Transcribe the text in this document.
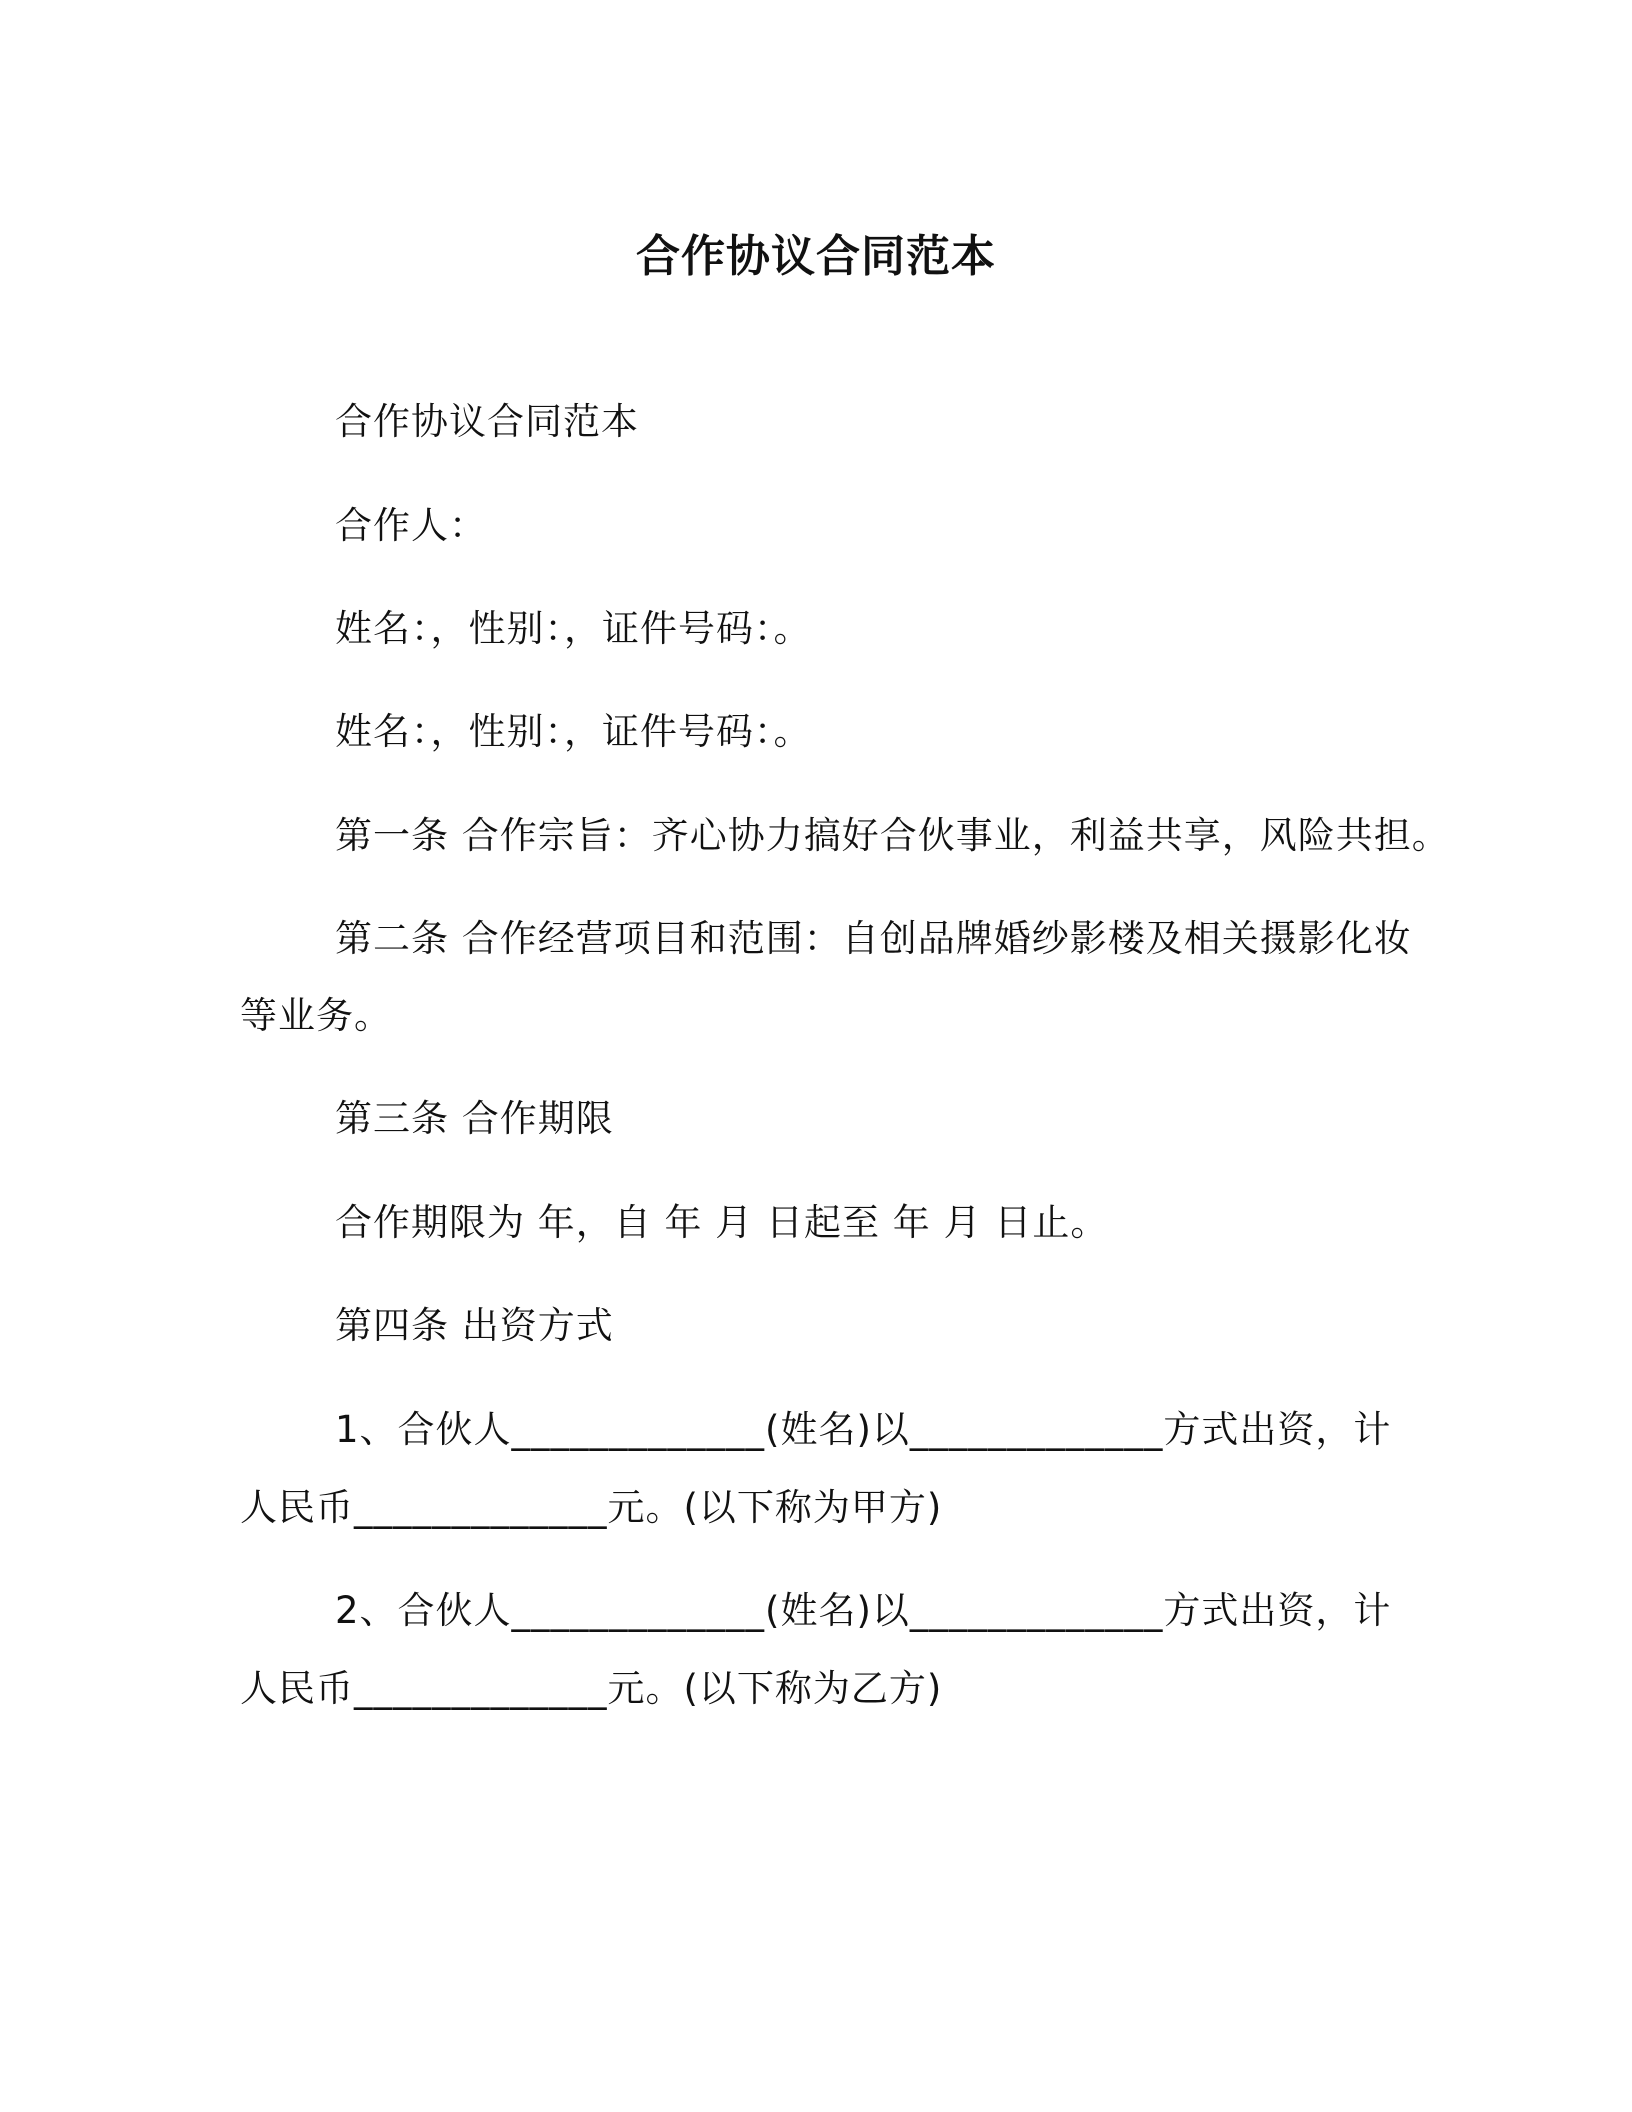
合作协议合同范本
合作协议合同范本
合作人：
姓名：，性别：，证件号码：。
姓名：，性别：，证件号码：。
第一条 合作宗旨：齐心协力搞好合伙事业，利益共享，风险共担。
第二条 合作经营项目和范围：自创品牌婚纱影楼及相关摄影化妆
等业务。
第三条 合作期限
合作期限为 年，自 年 月 日起至 年 月 日止。
第四条 出资方式
1、合伙人_____________(姓名)以_____________方式出资，计
人民币_____________元。(以下称为甲方)
2、合伙人_____________(姓名)以_____________方式出资，计
人民币_____________元。(以下称为乙方)
